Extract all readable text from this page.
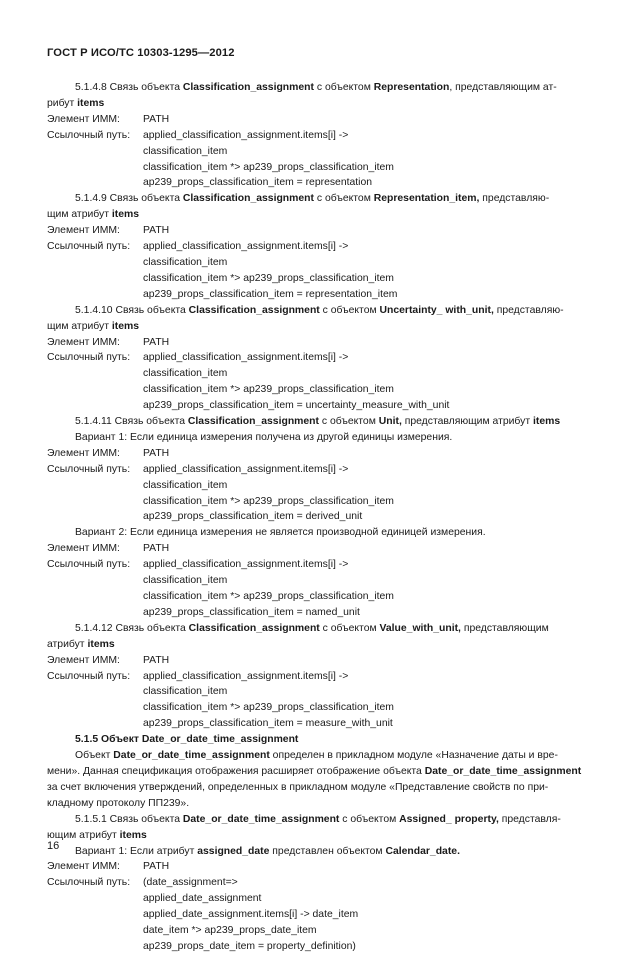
ГОСТ Р ИСО/ТС 10303-1295—2012

5.1.4.8 Связь объекта Classification_assignment с объектом Representation, представляющим ат-

рибут items

Элемент ИММ:	PATH
Ссылочный путь:	applied_classification_assignment.items[i] ->
classification_item
classification_item *> ap239_props_classification_item
ap239_props_classification_item = representation

5.1.4.9 Связь объекта Classification_assignment с объектом Representation_item, представляю-

щим атрибут items

Элемент ИММ:	PATH
Ссылочный путь:	applied_classification_assignment.items[i] ->
classification_item
classification_item *> ap239_props_classification_item
ap239_props_classification_item = representation_item

5.1.4.10 Связь объекта Classification_assignment с объектом Uncertainty_ with_unit, представляю-

щим атрибут items

Элемент ИММ:	PATH
Ссылочный путь:	applied_classification_assignment.items[i] ->
classification_item
classification_item *> ap239_props_classification_item
ap239_props_classification_item = uncertainty_measure_with_unit

5.1.4.11 Связь объекта Classification_assignment с объектом Unit, представляющим атрибут items

Вариант 1: Если единица измерения получена из другой единицы измерения.

Элемент ИММ:	PATH
Ссылочный путь:	applied_classification_assignment.items[i] ->
classification_item
classification_item *> ap239_props_classification_item
ap239_props_classification_item = derived_unit

Вариант 2: Если единица измерения не является производной единицей измерения.

Элемент ИММ:	PATH
Ссылочный путь:	applied_classification_assignment.items[i] ->
classification_item
classification_item *> ap239_props_classification_item
ap239_props_classification_item = named_unit

5.1.4.12 Связь объекта Classification_assignment с объектом Value_with_unit, представляющим

атрибут items

Элемент ИММ:	PATH
Ссылочный путь:	applied_classification_assignment.items[i] ->
classification_item
classification_item *> ap239_props_classification_item
ap239_props_classification_item = measure_with_unit

5.1.5 Объект Date_or_date_time_assignment

Объект Date_or_date_time_assignment определен в прикладном модуле «Назначение даты и вре-

мени». Данная спецификация отображения расширяет отображение объекта Date_or_date_time_assignment

за счет включения утверждений, определенных в прикладном модуле «Представление свойств по при-

кладному протоколу ПП239».

5.1.5.1 Связь объекта Date_or_date_time_assignment с объектом Assigned_ property, представля-

ющим атрибут items

Вариант 1: Если атрибут assigned_date представлен объектом Calendar_date.

Элемент ИММ:	PATH
Ссылочный путь:	(date_assignment=>
applied_date_assignment
applied_date_assignment.items[i] -> date_item
date_item *> ap239_props_date_item
ap239_props_date_item = property_definition)
16
